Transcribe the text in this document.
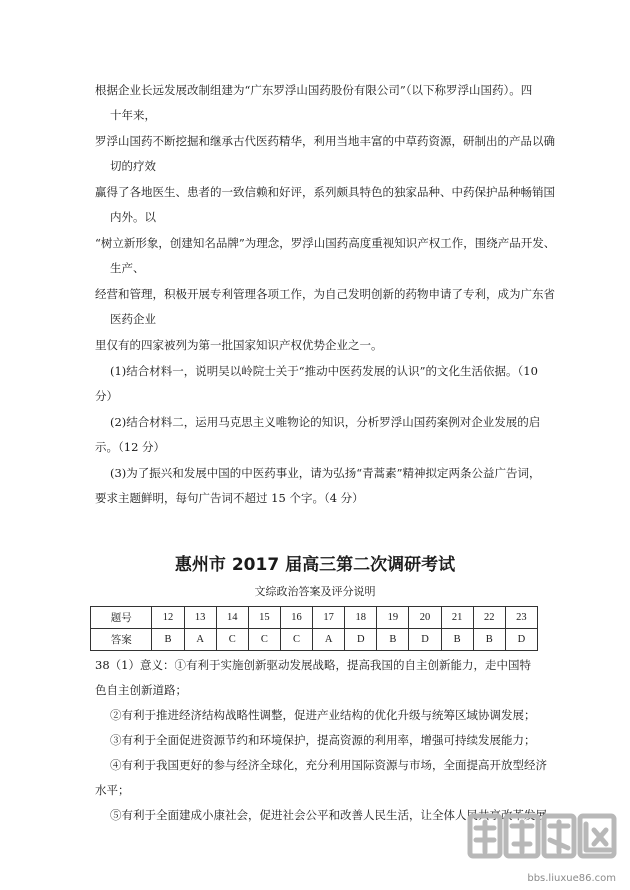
根据企业长远发展改制组建为“广东罗浮山国药股份有限公司”（以下称罗浮山国药）。四
十年来，
罗浮山国药不断挖掘和继承古代医药精华，利用当地丰富的中草药资源，研制出的产品以确
切的疗效
赢得了各地医生、患者的一致信赖和好评，系列颇具特色的独家品种、中药保护品种畅销国
内外。以
“树立新形象，创建知名品牌”为理念，罗浮山国药高度重视知识产权工作，围绕产品开发、
生产、
经营和管理，积极开展专利管理各项工作，为自己发明创新的药物申请了专利，成为广东省
医药企业
里仅有的四家被列为第一批国家知识产权优势企业之一。
(1)结合材料一，说明吴以岭院士关于“推动中医药发展的认识”的文化生活依据。（10
分）
(2)结合材料二，运用马克思主义唯物论的知识，分析罗浮山国药案例对企业发展的启
示。（12 分）
(3)为了振兴和发展中国的中医药事业，请为弘扬“青蒿素”精神拟定两条公益广告词，
要求主题鲜明，每句广告词不超过 15 个字。（4 分）
惠州市 2017 届高三第二次调研考试
文综政治答案及评分说明
题号	12	13	14	15	16	17	18	19	20	21	22	23
答案	B	A	C	C	C	A	D	B	D	B	B	D
38（1）意义：①有利于实施创新驱动发展战略，提高我国的自主创新能力，走中国特
色自主创新道路；
②有利于推进经济结构战略性调整，促进产业结构的优化升级与统筹区域协调发展；
③有利于全面促进资源节约和环境保护，提高资源的利用率，增强可持续发展能力；
④有利于我国更好的参与经济全球化，充分利用国际资源与市场，全面提高开放型经济
水平；
⑤有利于全面建成小康社会，促进社会公平和改善人民生活，让全体人民共享改革发展
bbs.liuxue86.com
